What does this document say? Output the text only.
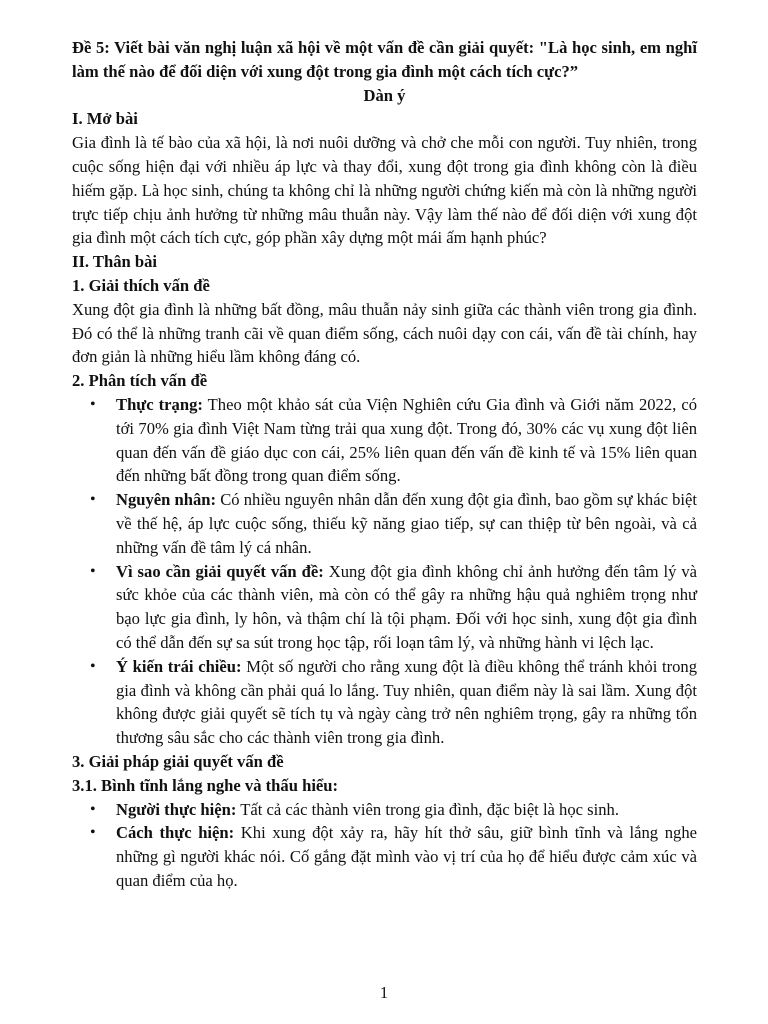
Đề 5: Viết bài văn nghị luận xã hội về một vấn đề cần giải quyết: "Là học sinh, em nghĩ làm thế nào để đối diện với xung đột trong gia đình một cách tích cực?”
Dàn ý
I. Mở bài
Gia đình là tế bào của xã hội, là nơi nuôi dưỡng và chở che mỗi con người. Tuy nhiên, trong cuộc sống hiện đại với nhiều áp lực và thay đổi, xung đột trong gia đình không còn là điều hiếm gặp. Là học sinh, chúng ta không chỉ là những người chứng kiến mà còn là những người trực tiếp chịu ảnh hưởng từ những mâu thuẫn này. Vậy làm thế nào để đối diện với xung đột gia đình một cách tích cực, góp phần xây dựng một mái ấm hạnh phúc?
II. Thân bài
1. Giải thích vấn đề
Xung đột gia đình là những bất đồng, mâu thuẫn nảy sinh giữa các thành viên trong gia đình. Đó có thể là những tranh cãi về quan điểm sống, cách nuôi dạy con cái, vấn đề tài chính, hay đơn giản là những hiểu lầm không đáng có.
2. Phân tích vấn đề
• Thực trạng: Theo một khảo sát của Viện Nghiên cứu Gia đình và Giới năm 2022, có tới 70% gia đình Việt Nam từng trải qua xung đột. Trong đó, 30% các vụ xung đột liên quan đến vấn đề giáo dục con cái, 25% liên quan đến vấn đề kinh tế và 15% liên quan đến những bất đồng trong quan điểm sống.
• Nguyên nhân: Có nhiều nguyên nhân dẫn đến xung đột gia đình, bao gồm sự khác biệt về thế hệ, áp lực cuộc sống, thiếu kỹ năng giao tiếp, sự can thiệp từ bên ngoài, và cả những vấn đề tâm lý cá nhân.
• Vì sao cần giải quyết vấn đề: Xung đột gia đình không chỉ ảnh hưởng đến tâm lý và sức khỏe của các thành viên, mà còn có thể gây ra những hậu quả nghiêm trọng như bạo lực gia đình, ly hôn, và thậm chí là tội phạm. Đối với học sinh, xung đột gia đình có thể dẫn đến sự sa sút trong học tập, rối loạn tâm lý, và những hành vi lệch lạc.
• Ý kiến trái chiều: Một số người cho rằng xung đột là điều không thể tránh khỏi trong gia đình và không cần phải quá lo lắng. Tuy nhiên, quan điểm này là sai lầm. Xung đột không được giải quyết sẽ tích tụ và ngày càng trở nên nghiêm trọng, gây ra những tổn thương sâu sắc cho các thành viên trong gia đình.
3. Giải pháp giải quyết vấn đề
3.1. Bình tĩnh lắng nghe và thấu hiểu:
• Người thực hiện: Tất cả các thành viên trong gia đình, đặc biệt là học sinh.
• Cách thực hiện: Khi xung đột xảy ra, hãy hít thở sâu, giữ bình tĩnh và lắng nghe những gì người khác nói. Cố gắng đặt mình vào vị trí của họ để hiểu được cảm xúc và quan điểm của họ.
1
